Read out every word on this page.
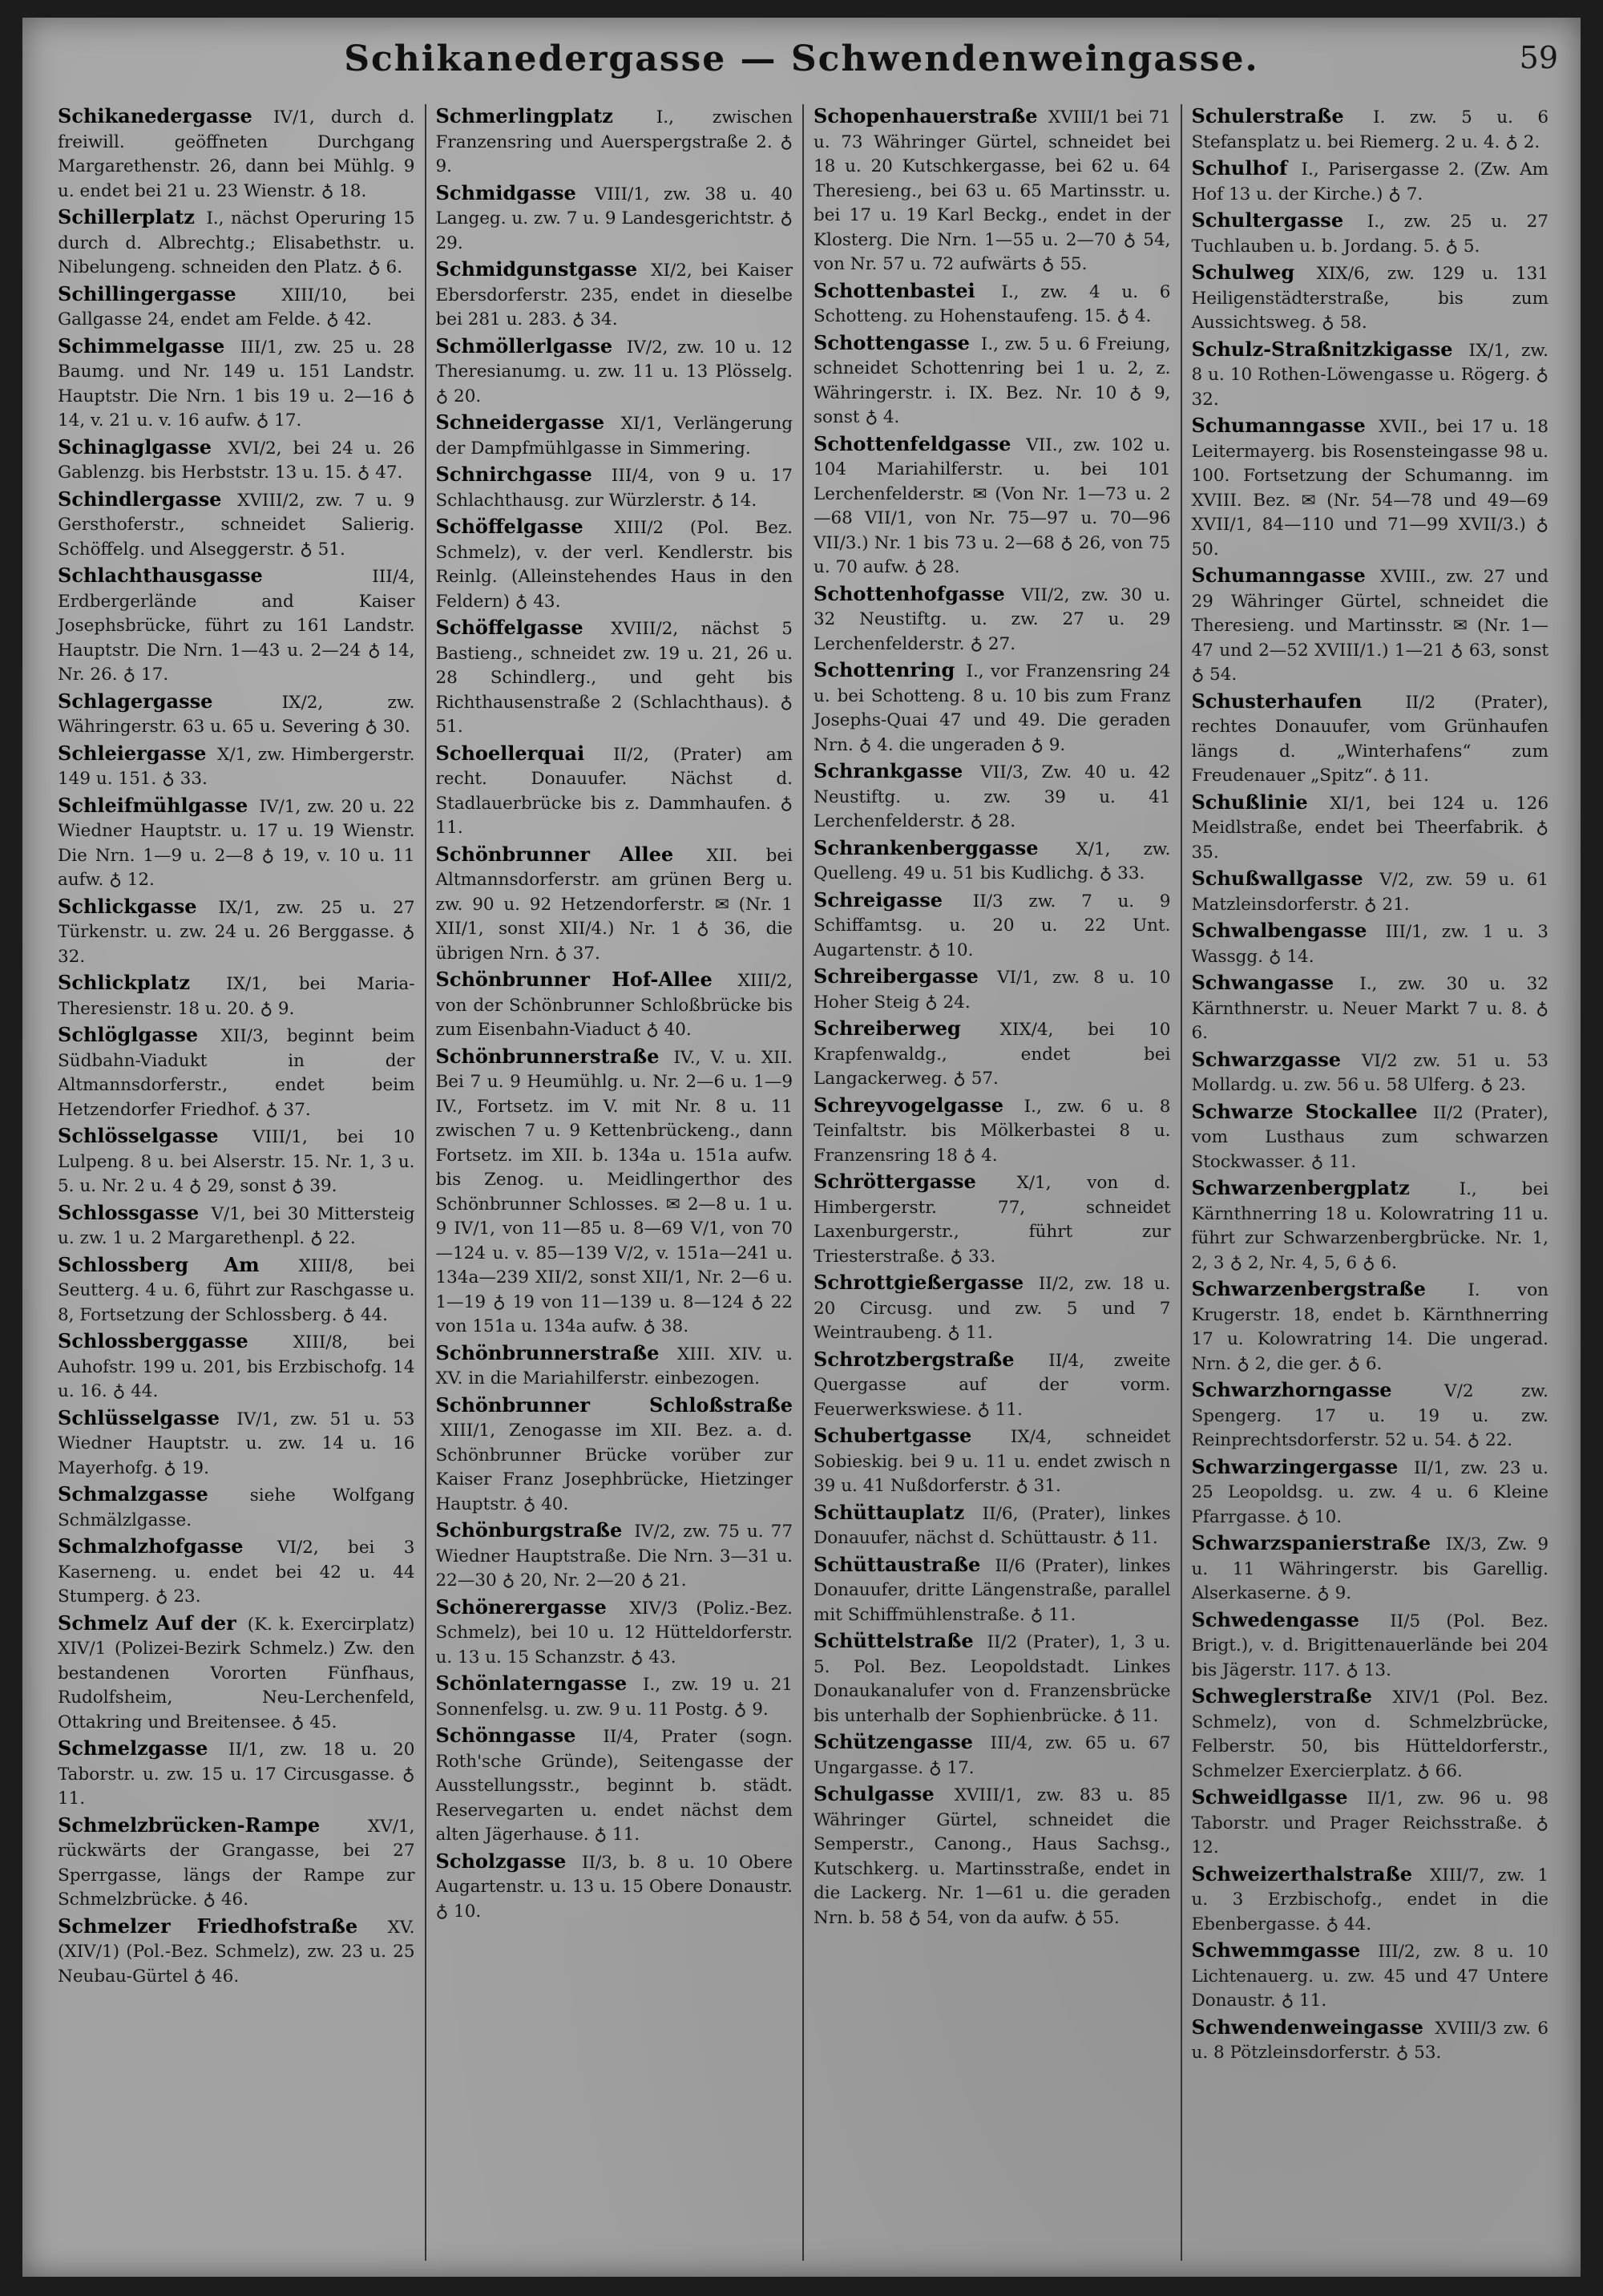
Schikanedergasse — Schwendenweingasse.	59
Schikanedergasse IV/1, durch d. freiwill. geöffneten Durchgang Margarethenstr. 26, dann bei Mühlg. 9 u. endet bei 21 u. 23 Wienstr. ♁ 18.
Schillerplatz I., nächst Operuring 15 durch d. Albrechtg.; Elisabethstr. u. Nibelungeng. schneiden den Platz. ♁ 6.
Schillingergasse	XIII/10, bei Gallgasse 24, endet am Felde. ♁ 42.
Schimmelgasse III/1, zw. 25 u. 28 Baumg. und Nr. 149 u. 151 Landstr. Hauptstr. Die Nrn. 1 bis 19 u. 2—16 ♁ 14, v. 21 u. v. 16 aufw. ♁ 17.
Schinaglgasse XVI/2, bei 24 u. 26 Gablenzg. bis Herbststr. 13 u. 15. ♁ 47.
Schindlergasse XVIII/2, zw. 7 u. 9 Gersthoferstr., schneidet Salierig. Schöffelg. und Alseggerstr. ♁ 51.
Schlachthausgasse	III/4, Erdbergerlände and Kaiser Josephsbrücke, führt zu 161 Landstr. Hauptstr. Die Nrn. 1—43 u. 2—24 ♁ 14, Nr. 26. ♁ 17.
Schlagergasse	IX/2, zw. Währingerstr. 63 u. 65 u. Severing ♁ 30.
Schleiergasse X/1, zw. Himbergerstr. 149 u. 151. ♁ 33.
Schleifmühlgasse IV/1, zw. 20 u. 22 Wiedner Hauptstr. u. 17 u. 19 Wienstr. Die Nrn. 1—9 u. 2—8 ♁ 19, v. 10 u. 11 aufw. ♁ 12.
Schlickgasse IX/1, zw. 25 u. 27 Türkenstr. u. zw. 24 u. 26 Berggasse. ♁ 32.
Schlickplatz IX/1, bei Maria-Theresienstr. 18 u. 20. ♁ 9.
Schlöglgasse XII/3, beginnt beim Südbahn-Viadukt in der Altmannsdorferstr., endet beim Hetzendorfer Friedhof. ♁ 37.
Schlösselgasse VIII/1, bei 10 Lulpeng. 8 u. bei Alserstr. 15. Nr. 1, 3 u. 5. u. Nr. 2 u. 4 ♁ 29, sonst ♁ 39.
Schlossgasse V/1, bei 30 Mittersteig u. zw. 1 u. 2 Margarethenpl. ♁ 22.
Schlossberg Am XIII/8, bei Seutterg. 4 u. 6, führt zur Raschgasse u. 8, Fortsetzung der Schlossberg. ♁ 44.
Schlossberggasse	XIII/8, bei Auhofstr. 199 u. 201, bis Erzbischofg. 14 u. 16. ♁ 44.
Schlüsselgasse IV/1, zw. 51 u. 53 Wiedner Hauptstr. u. zw. 14 u. 16 Mayerhofg. ♁ 19.
Schmalzgasse siehe Wolfgang Schmälzlgasse.
Schmalzhofgasse VI/2, bei 3 Kaserneng. u. endet bei 42 u. 44 Stumperg. ♁ 23.
Schmelz Auf der (K. k. Exercirplatz) XIV/1 (Polizei-Bezirk Schmelz.) Zw. den bestandenen Vororten Fünfhaus, Rudolfsheim, Neu-Lerchenfeld, Ottakring und Breitensee. ♁ 45.
Schmelzgasse II/1, zw. 18 u. 20 Taborstr. u. zw. 15 u. 17 Circusgasse. ♁ 11.
Schmelzbrücken-Rampe	XV/1, rückwärts der Grangasse, bei 27 Sperrgasse, längs der Rampe zur Schmelzbrücke. ♁ 46.
Schmelzer Friedhofstraße XV. (XIV/1) (Pol.-Bez. Schmelz), zw. 23 u. 25 Neubau-Gürtel ♁ 46.
Schmerlingplatz	I., zwischen Franzensring und Auerspergstraße 2. ♁ 9.
Schmidgasse VIII/1, zw. 38 u. 40 Langeg. u. zw. 7 u. 9 Landesgerichtstr. ♁ 29.
Schmidgunstgasse XI/2, bei Kaiser Ebersdorferstr. 235, endet in dieselbe bei 281 u. 283. ♁ 34.
Schmöllerlgasse IV/2, zw. 10 u. 12 Theresianumg. u. zw. 11 u. 13 Plösselg. ♁ 20.
Schneidergasse XI/1, Verlängerung der Dampfmühlgasse in Simmering.
Schnirchgasse III/4, von 9 u. 17 Schlachthausg. zur Würzlerstr. ♁ 14.
Schöffelgasse XIII/2 (Pol. Bez. Schmelz), v. der verl. Kendlerstr. bis Reinlg. (Alleinstehendes Haus in den Feldern) ♁ 43.
Schöffelgasse XVIII/2, nächst 5 Bastieng., schneidet zw. 19 u. 21, 26 u. 28 Schindlerg., und geht bis Richthausenstraße 2 (Schlachthaus). ♁ 51.
Schoellerquai II/2, (Prater) am recht. Donauufer. Nächst d. Stadlauerbrücke bis z. Dammhaufen. ♁ 11.
Schönbrunner Allee XII. bei Altmannsdorferstr. am grünen Berg u. zw. 90 u. 92 Hetzendorferstr. ✉ (Nr. 1 XII/1, sonst XII/4.) Nr. 1 ♁ 36, die übrigen Nrn. ♁ 37.
Schönbrunner Hof-Allee XIII/2, von der Schönbrunner Schloßbrücke bis zum Eisenbahn-Viaduct ♁ 40.
Schönbrunnerstraße IV., V. u. XII. Bei 7 u. 9 Heumühlg. u. Nr. 2—6 u. 1—9 IV., Fortsetz. im V. mit Nr. 8 u. 11 zwischen 7 u. 9 Kettenbrückeng., dann Fortsetz. im XII. b. 134a u. 151a aufw. bis Zenog. u. Meidlingerthor des Schönbrunner Schlosses. ✉ 2—8 u. 1 u. 9 IV/1, von 11—85 u. 8—69 V/1, von 70—124 u. v. 85—139 V/2, v. 151a—241 u. 134a—239 XII/2, sonst XII/1, Nr. 2—6 u. 1—19 ♁ 19 von 11—139 u. 8—124 ♁ 22 von 151a u. 134a aufw. ♁ 38.
Schönbrunnerstraße XIII. XIV. u. XV. in die Mariahilferstr. einbezogen.
Schönbrunner Schloßstraße XIII/1, Zenogasse im XII. Bez. a. d. Schönbrunner Brücke vorüber zur Kaiser Franz Josephbrücke, Hietzinger Hauptstr. ♁ 40.
Schönburgstraße IV/2, zw. 75 u. 77 Wiedner Hauptstraße. Die Nrn. 3—31 u. 22—30 ♁ 20, Nr. 2—20 ♁ 21.
Schönerergasse XIV/3 (Poliz.-Bez. Schmelz), bei 10 u. 12 Hütteldorferstr. u. 13 u. 15 Schanzstr. ♁ 43.
Schönlaterngasse I., zw. 19 u. 21 Sonnenfelsg. u. zw. 9 u. 11 Postg. ♁ 9.
Schönngasse II/4, Prater (sogn. Roth'sche Gründe), Seitengasse der Ausstellungsstr., beginnt b. städt. Reservegarten u. endet nächst dem alten Jägerhause. ♁ 11.
Scholzgasse II/3, b. 8 u. 10 Obere Augartenstr. u. 13 u. 15 Obere Donaustr. ♁ 10.
Schopenhauerstraße XVIII/1 bei 71 u. 73 Währinger Gürtel, schneidet bei 18 u. 20 Kutschkergasse, bei 62 u. 64 Theresieng., bei 63 u. 65 Martinsstr. u. bei 17 u. 19 Karl Beckg., endet in der Klosterg. Die Nrn. 1—55 u. 2—70 ♁ 54, von Nr. 57 u. 72 aufwärts ♁ 55.
Schottenbastei I., zw. 4 u. 6 Schotteng. zu Hohenstaufeng. 15. ♁ 4.
Schottengasse I., zw. 5 u. 6 Freiung, schneidet Schottenring bei 1 u. 2, z. Währingerstr. i. IX. Bez. Nr. 10 ♁ 9, sonst ♁ 4.
Schottenfeldgasse VII., zw. 102 u. 104 Mariahilferstr. u. bei 101 Lerchenfelderstr. ✉ (Von Nr. 1—73 u. 2—68 VII/1, von Nr. 75—97 u. 70—96 VII/3.) Nr. 1 bis 73 u. 2—68 ♁ 26, von 75 u. 70 aufw. ♁ 28.
Schottenhofgasse VII/2, zw. 30 u. 32 Neustiftg. u. zw. 27 u. 29 Lerchenfelderstr. ♁ 27.
Schottenring I., vor Franzensring 24 u. bei Schotteng. 8 u. 10 bis zum Franz Josephs-Quai 47 und 49. Die geraden Nrn. ♁ 4. die ungeraden ♁ 9.
Schrankgasse VII/3, Zw. 40 u. 42 Neustiftg. u. zw. 39 u. 41 Lerchenfelderstr. ♁ 28.
Schrankenberggasse X/1, zw. Quelleng. 49 u. 51 bis Kudlichg. ♁ 33.
Schreigasse II/3 zw. 7 u. 9 Schiffamtsg. u. 20 u. 22 Unt. Augartenstr. ♁ 10.
Schreibergasse VI/1, zw. 8 u. 10 Hoher Steig ♁ 24.
Schreiberweg XIX/4, bei 10 Krapfenwaldg., endet bei Langackerweg. ♁ 57.
Schreyvogelgasse I., zw. 6 u. 8 Teinfaltstr. bis Mölkerbastei 8 u. Franzensring 18 ♁ 4.
Schröttergasse X/1, von d. Himbergerstr. 77, schneidet Laxenburgerstr., führt zur Triesterstraße. ♁ 33.
Schrottgießergasse II/2, zw. 18 u. 20 Circusg. und zw. 5 und 7 Weintraubeng. ♁ 11.
Schrotzbergstraße II/4, zweite Quergasse auf der vorm. Feuerwerkswiese. ♁ 11.
Schubertgasse IX/4, schneidet Sobieskig. bei 9 u. 11 u. endet zwisch n 39 u. 41 Nußdorferstr. ♁ 31.
Schüttauplatz II/6, (Prater), linkes Donauufer, nächst d. Schüttaustr. ♁ 11.
Schüttaustraße II/6 (Prater), linkes Donauufer, dritte Längenstraße, parallel mit Schiffmühlenstraße. ♁ 11.
Schüttelstraße II/2 (Prater), 1, 3 u. 5. Pol. Bez. Leopoldstadt. Linkes Donaukanalufer von d. Franzensbrücke bis unterhalb der Sophienbrücke. ♁ 11.
Schützengasse III/4, zw. 65 u. 67 Ungargasse. ♁ 17.
Schulgasse XVIII/1, zw. 83 u. 85 Währinger Gürtel, schneidet die Semperstr., Canong., Haus Sachsg., Kutschkerg. u. Martinsstraße, endet in die Lackerg. Nr. 1—61 u. die geraden Nrn. b. 58 ♁ 54, von da aufw. ♁ 55.
Schulerstraße I. zw. 5 u. 6 Stefansplatz u. bei Riemerg. 2 u. 4. ♁ 2.
Schulhof I., Parisergasse 2. (Zw. Am Hof 13 u. der Kirche.) ♁ 7.
Schultergasse I., zw. 25 u. 27 Tuchlauben u. b. Jordang. 5. ♁ 5.
Schulweg XIX/6, zw. 129 u. 131 Heiligenstädterstraße, bis zum Aussichtsweg. ♁ 58.
Schulz-Straßnitzkigasse IX/1, zw. 8 u. 10 Rothen-Löwengasse u. Rögerg. ♁ 32.
Schumanngasse XVII., bei 17 u. 18 Leitermayerg. bis Rosensteingasse 98 u. 100. Fortsetzung der Schumanng. im XVIII. Bez. ✉ (Nr. 54—78 und 49—69 XVII/1, 84—110 und 71—99 XVII/3.) ♁ 50.
Schumanngasse XVIII., zw. 27 und 29 Währinger Gürtel, schneidet die Theresieng. und Martinsstr. ✉ (Nr. 1—47 und 2—52 XVIII/1.) 1—21 ♁ 63, sonst ♁ 54.
Schusterhaufen	II/2 (Prater), rechtes Donauufer, vom Grünhaufen längs d. „Winterhafens“ zum Freudenauer „Spitz“. ♁ 11.
Schußlinie XI/1, bei 124 u. 126 Meidlstraße, endet bei Theerfabrik. ♁ 35.
Schußwallgasse V/2, zw. 59 u. 61 Matzleinsdorferstr. ♁ 21.
Schwalbengasse III/1, zw. 1 u. 3 Wassgg. ♁ 14.
Schwangasse I., zw. 30 u. 32 Kärnthnerstr. u. Neuer Markt 7 u. 8. ♁ 6.
Schwarzgasse VI/2 zw. 51 u. 53 Mollardg. u. zw. 56 u. 58 Ulferg. ♁ 23.
Schwarze Stockallee II/2 (Prater), vom Lusthaus zum schwarzen Stockwasser. ♁ 11.
Schwarzenbergplatz	I., bei Kärnthnerring 18 u. Kolowratring 11 u. führt zur Schwarzenbergbrücke. Nr. 1, 2, 3 ♁ 2, Nr. 4, 5, 6 ♁ 6.
Schwarzenbergstraße I. von Krugerstr. 18, endet b. Kärnthnerring 17 u. Kolowratring 14. Die ungerad. Nrn. ♁ 2, die ger. ♁ 6.
Schwarzhorngasse	V/2 zw. Spengerg. 17 u. 19 u. zw. Reinprechtsdorferstr. 52 u. 54. ♁ 22.
Schwarzingergasse II/1, zw. 23 u. 25 Leopoldsg. u. zw. 4 u. 6 Kleine Pfarrgasse. ♁ 10.
Schwarzspanierstraße IX/3, Zw. 9 u. 11 Währingerstr. bis Garellig. Alserkaserne. ♁ 9.
Schwedengasse II/5 (Pol. Bez. Brigt.), v. d. Brigittenauerlände bei 204 bis Jägerstr. 117. ♁ 13.
Schweglerstraße XIV/1 (Pol. Bez. Schmelz), von d. Schmelzbrücke, Felberstr. 50, bis Hütteldorferstr., Schmelzer Exercierplatz. ♁ 66.
Schweidlgasse II/1, zw. 96 u. 98 Taborstr. und Prager Reichsstraße. ♁ 12.
Schweizerthalstraße XIII/7, zw. 1 u. 3 Erzbischofg., endet in die Ebenbergasse. ♁ 44.
Schwemmgasse III/2, zw. 8 u. 10 Lichtenauerg. u. zw. 45 und 47 Untere Donaustr. ♁ 11.
Schwendenweingasse XVIII/3 zw. 6 u. 8 Pötzleinsdorferstr. ♁ 53.
